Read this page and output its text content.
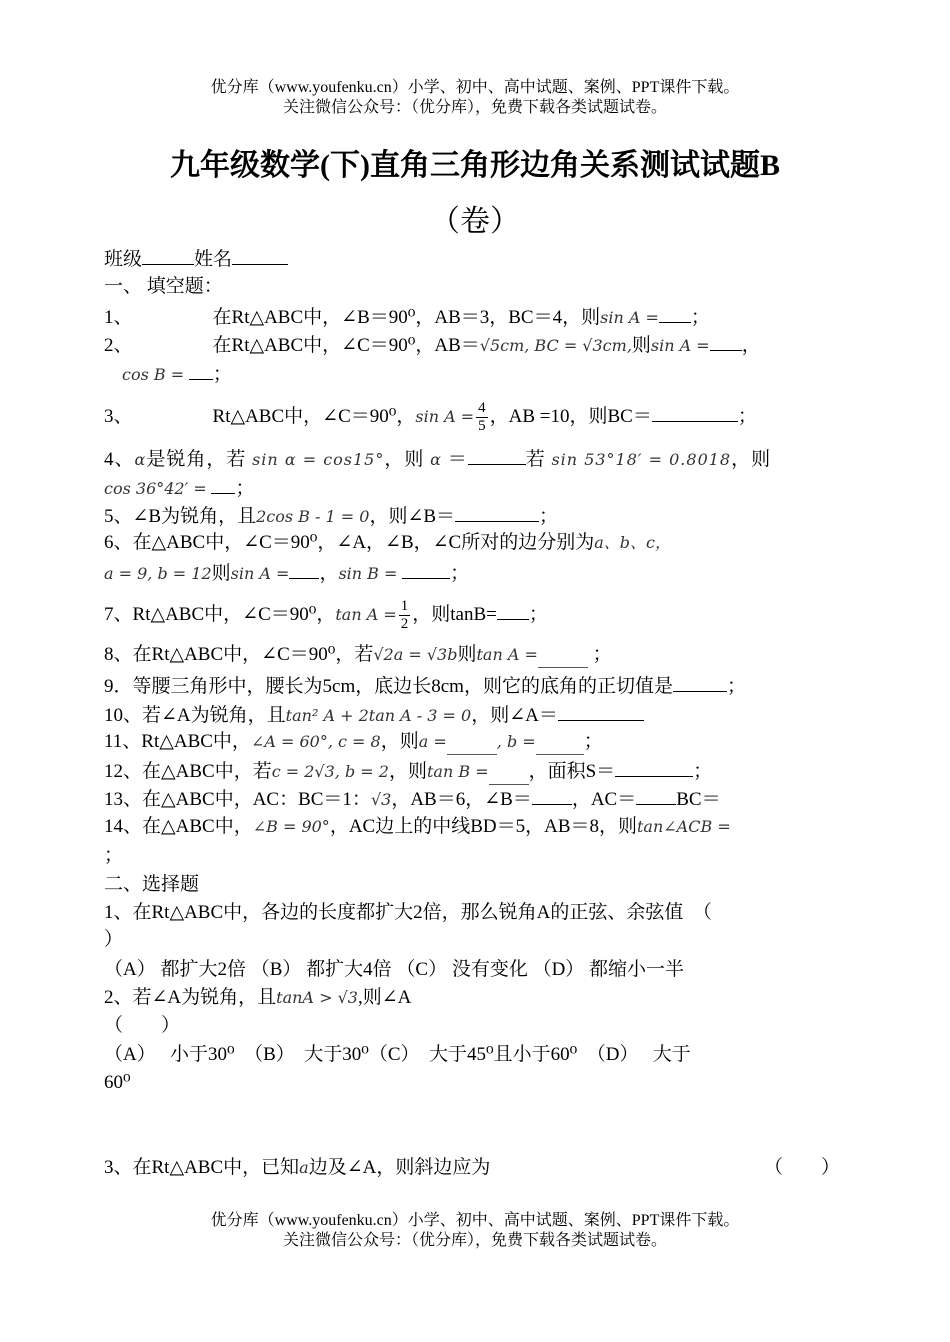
优分库（www.youfenku.cn）小学、初中、高中试题、案例、PPT课件下载。
关注微信公众号：（优分库），免费下载各类试题试卷。
九年级数学(下)直角三角形边角关系测试试题B
（卷）
班级	姓名
一、 填空题：
1、	在Rt△ABC中，∠B＝90⁰，AB＝3，BC＝4，则sin A = ；
2、	在Rt△ABC中，∠C＝90⁰，AB＝√5cm, BC = √3cm,则sin A = ，
cos B = ；
3、	Rt△ABC中，∠C＝90⁰，$\sin A = \frac{4}{5}$ ，AB =10，则BC＝	；
4、α是锐角，若 sin α = cos15°，则 α ＝	若 sin 53°18′ = 0.8018，则
cos 36°42′ = ；
5、∠B为锐角，且2cos B - 1 = 0，则∠B＝	；
6、在△ABC中，∠C＝90⁰，∠A，∠B，∠C所对的边分别为a、b、c，
a = 9, b = 12则sin A = ，sin B =	；
7、Rt△ABC中，∠C＝90⁰，$\tan A = \frac{1}{2}$ ，则tanB= ；
8、在Rt△ABC中，∠C＝90⁰，若√2a = √3b则tan A =	；
9．等腰三角形中，腰长为5cm，底边长8cm，则它的底角的正切值是	；
10、若∠A为锐角，且tan² A + 2tan A - 3 = 0，则∠A＝
11、Rt△ABC中，∠A = 60°, c = 8，则a =	, b =	；
12、在△ABC中，若c = 2√3, b = 2，则tan B = ，面积S＝	；
13、在△ABC中，AC：BC＝1：√3，AB＝6，∠B＝ ，AC＝ BC＝
14、在△ABC中，∠B = 90°，AC边上的中线BD＝5，AB＝8，则tan∠ACB =
；
二、选择题
1、在Rt△ABC中，各边的长度都扩大2倍，那么锐角A的正弦、余弦值　（
）
（A） 都扩大2倍 （B） 都扩大4倍 （C） 没有变化 （D） 都缩小一半
2、若∠A为锐角，且tanA > √3,则∠A
（　　）
（A）　 小于30⁰　（B）　大于30⁰（C）　大于45⁰且小于60⁰　（D）　 大于
60⁰
3、在Rt△ABC中，已知a边及∠A，则斜边应为	（　　）
优分库（www.youfenku.cn）小学、初中、高中试题、案例、PPT课件下载。
关注微信公众号：（优分库），免费下载各类试题试卷。
